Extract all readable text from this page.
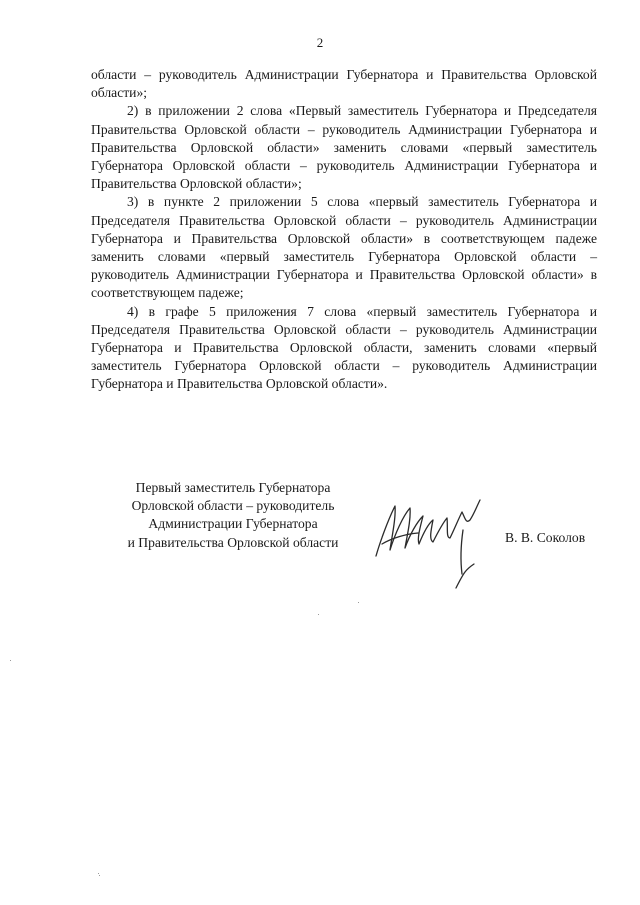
2

области – руководитель Администрации Губернатора и Правительства Орловской области»;

2) в приложении 2 слова «Первый заместитель Губернатора и Председателя Правительства Орловской области – руководитель Администрации Губернатора и Правительства Орловской области» заменить словами «первый заместитель Губернатора Орловской области – руководитель Администрации Губернатора и Правительства Орловской области»;

3) в пункте 2 приложении 5 слова «первый заместитель Губернатора и Председателя Правительства Орловской области – руководитель Администрации Губернатора и Правительства Орловской области» в соответствующем падеже заменить словами «первый заместитель Губернатора Орловской области – руководитель Администрации Губернатора и Правительства Орловской области» в соответствующем падеже;

4) в графе 5 приложения 7 слова «первый заместитель Губернатора и Председателя Правительства Орловской области – руководитель Администрации Губернатора и Правительства Орловской области, заменить словами «первый заместитель Губернатора Орловской области – руководитель Администрации Губернатора и Правительства Орловской области».

Первый заместитель Губернатора
Орловской области – руководитель
Администрации Губернатора
и Правительства Орловской области	В. В. Соколов
